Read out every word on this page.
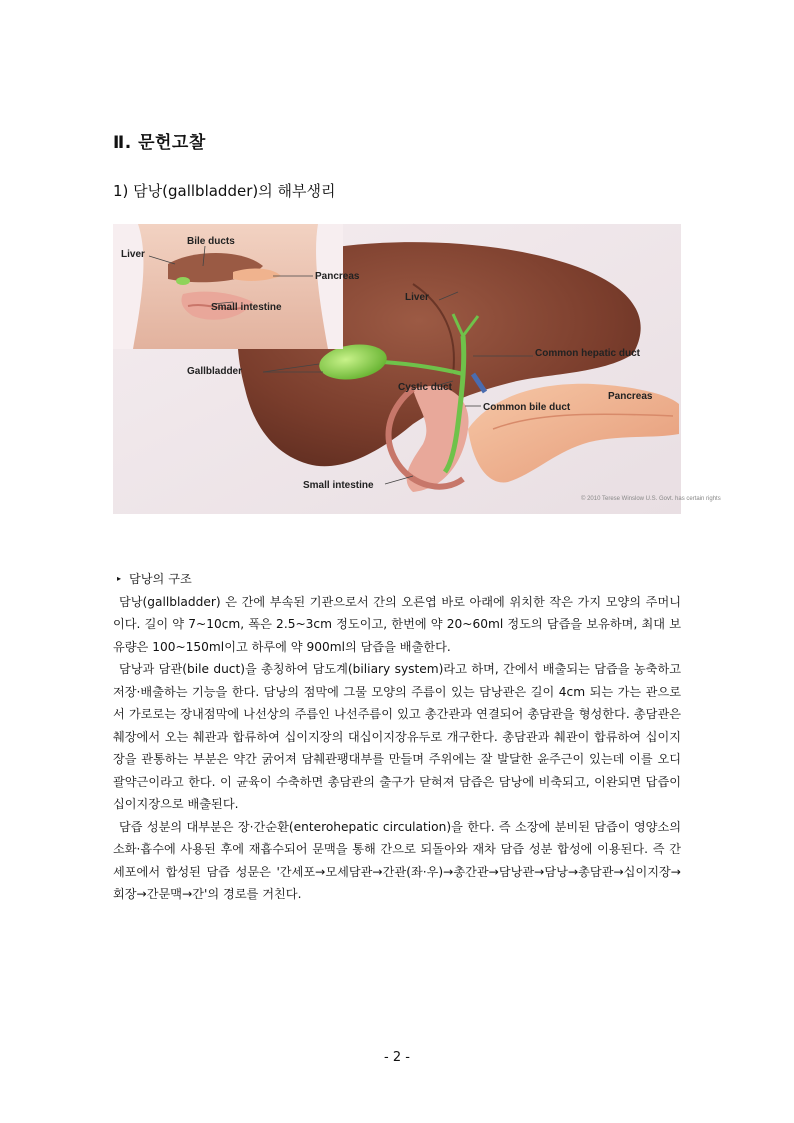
Ⅱ. 문헌고찰
1) 담낭(gallbladder)의 해부생리
Liver
Bile ducts
Pancreas
Small intestine
Gallbladder
Liver
Common hepatic duct
Cystic duct
Common bile duct
Pancreas
Small intestine
© 2010 Terese Winslow U.S. Govt. has certain rights
▸ 담낭의 구조

담낭(gallbladder) 은 간에 부속된 기관으로서 간의 오른엽 바로 아래에 위치한 작은 가지 모양의 주머니이다. 길이 약 7~10cm, 폭은 2.5~3cm 정도이고, 한번에 약 20~60ml 정도의 담즙을 보유하며, 최대 보유량은 100~150ml이고 하루에 약 900ml의 담즙을 배출한다.

담낭과 담관(bile duct)을 총칭하여 담도계(biliary system)라고 하며, 간에서 배출되는 담즙을 농축하고 저장·배출하는 기능을 한다. 담낭의 점막에 그물 모양의 주름이 있는 담낭관은 길이 4cm 되는 가는 관으로서 가로로는 장내점막에 나선상의 주름인 나선주름이 있고 총간관과 연결되어 총담관을 형성한다. 총담관은 췌장에서 오는 췌관과 합류하여 십이지장의 대십이지장유두로 개구한다. 총담관과 췌관이 합류하여 십이지장을 관통하는 부분은 약간 굵어져 담췌관팽대부를 만들며 주위에는 잘 발달한 윤주근이 있는데 이를 오디괄약근이라고 한다. 이 균육이 수축하면 총담관의 출구가 닫혀져 담즙은 담낭에 비축되고, 이완되면 답즙이 십이지장으로 배출된다.

담즙 성분의 대부분은 장·간순환(enterohepatic circulation)을 한다. 즉 소장에 분비된 담즙이 영양소의 소화·흡수에 사용된 후에 재흡수되어 문맥을 통해 간으로 되돌아와 재차 담즙 성분 합성에 이용된다. 즉 간세포에서 합성된 담즙 성문은 '간세포→모세담관→간관(좌·우)→총간관→담낭관→담낭→총담관→십이지장→회장→간문맥→간'의 경로를 거친다.

- 2 -
